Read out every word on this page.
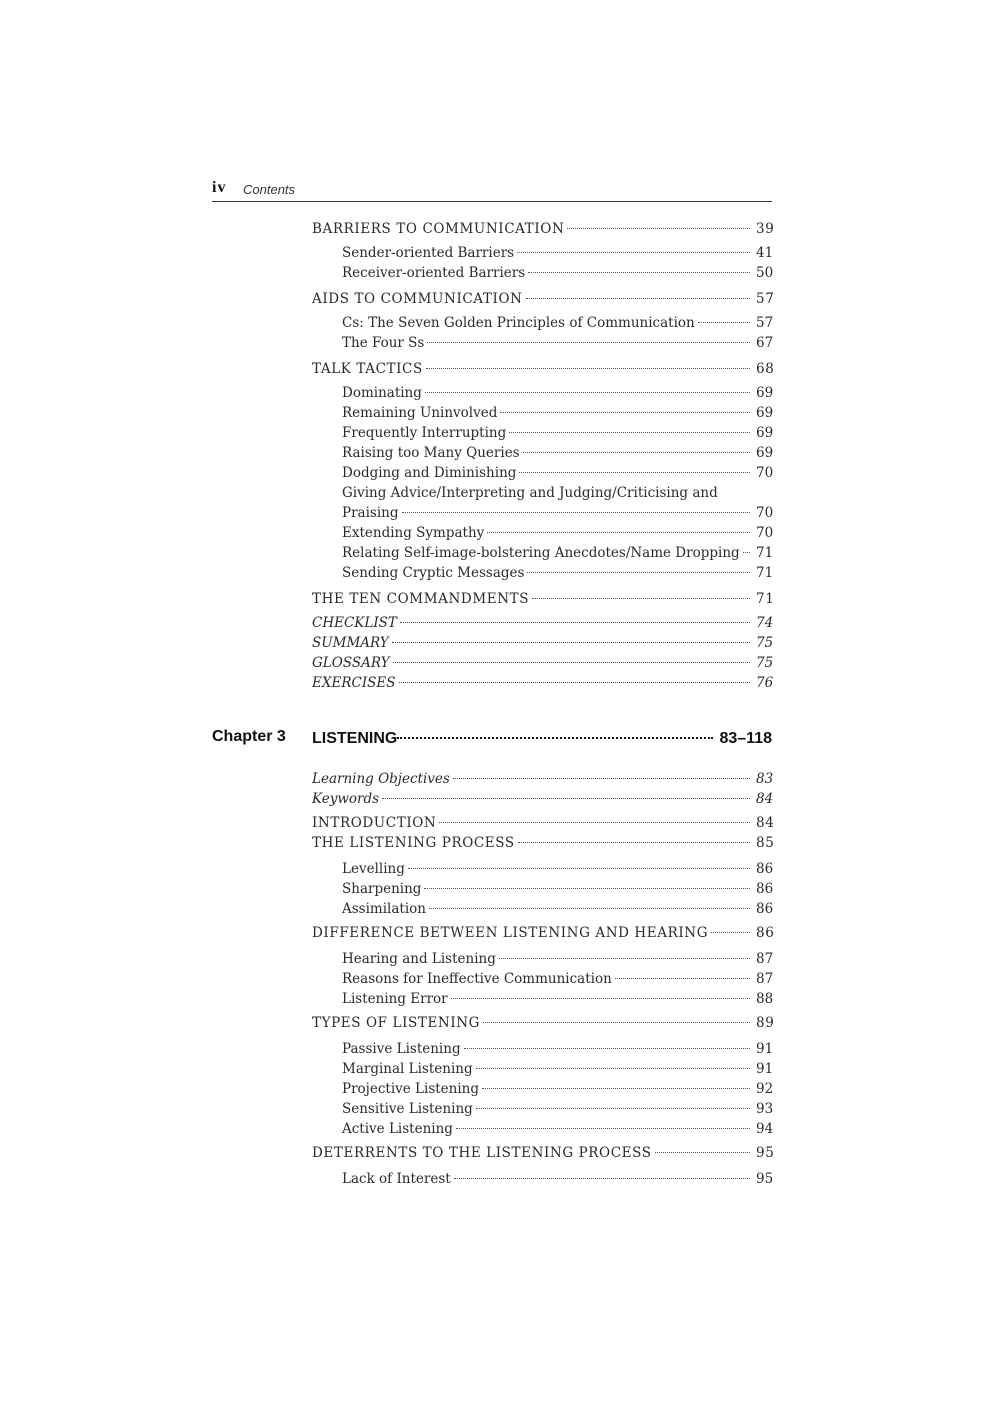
iv Contents
BARRIERS TO COMMUNICATION	39
Sender-oriented Barriers	41
Receiver-oriented Barriers	50
AIDS TO COMMUNICATION	57
Cs: The Seven Golden Principles of Communication	57
The Four Ss	67
TALK TACTICS	68
Dominating	69
Remaining Uninvolved	69
Frequently Interrupting	69
Raising too Many Queries	69
Dodging and Diminishing	70
Giving Advice/Interpreting and Judging/Criticising and
Praising	70
Extending Sympathy	70
Relating Self-image-bolstering Anecdotes/Name Dropping	71
Sending Cryptic Messages	71
THE TEN COMMANDMENTS	71
CHECKLIST	74
SUMMARY	75
GLOSSARY	75
EXERCISES	76
Chapter 3 LISTENING	83–118
Learning Objectives	83
Keywords	84
INTRODUCTION	84
THE LISTENING PROCESS	85
Levelling	86
Sharpening	86
Assimilation	86
DIFFERENCE BETWEEN LISTENING AND HEARING	86
Hearing and Listening	87
Reasons for Ineffective Communication	87
Listening Error	88
TYPES OF LISTENING	89
Passive Listening	91
Marginal Listening	91
Projective Listening	92
Sensitive Listening	93
Active Listening	94
DETERRENTS TO THE LISTENING PROCESS	95
Lack of Interest	95
